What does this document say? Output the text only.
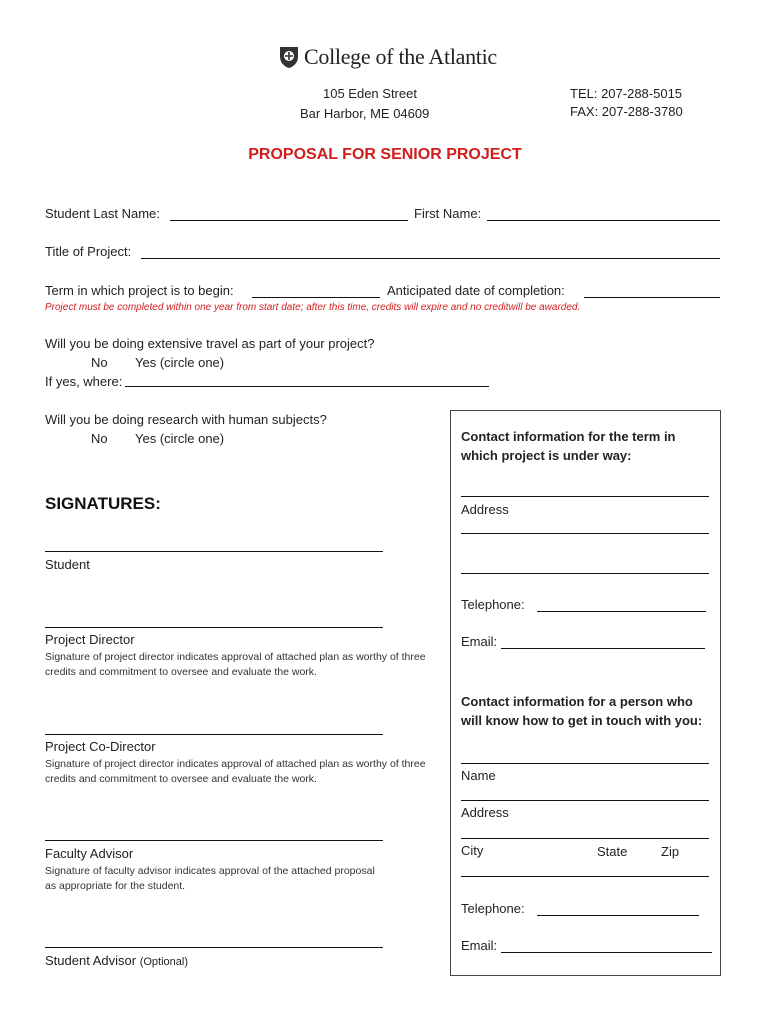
College of the Atlantic
105 Eden Street
Bar Harbor, ME 04609
TEL: 207-288-5015
FAX: 207-288-3780
PROPOSAL FOR SENIOR PROJECT
Student Last Name:	First Name:
Title of Project:
Term in which project is to begin:	Anticipated date of completion:
Project must be completed within one year from start date; after this time, credits will expire and no creditwill be awarded.
Will you be doing extensive travel as part of your project?
No Yes (circle one)
If yes, where:
Will you be doing research with human subjects?
No Yes (circle one)
SIGNATURES:
Student
Project Director
Signature of project director indicates approval of attached plan as worthy of three credits and commitment to oversee and evaluate the work.
Project Co-Director
Signature of project director indicates approval of attached plan as worthy of three credits and commitment to oversee and evaluate the work.
Faculty Advisor
Signature of faculty advisor indicates approval of the attached proposal as appropriate for the student.
Student Advisor (Optional)
Contact information for the term in which project is under way:
Address
Telephone:
Email:
Contact information for a person who will know how to get in touch with you:
Name
Address
City	State	Zip
Telephone:
Email:
